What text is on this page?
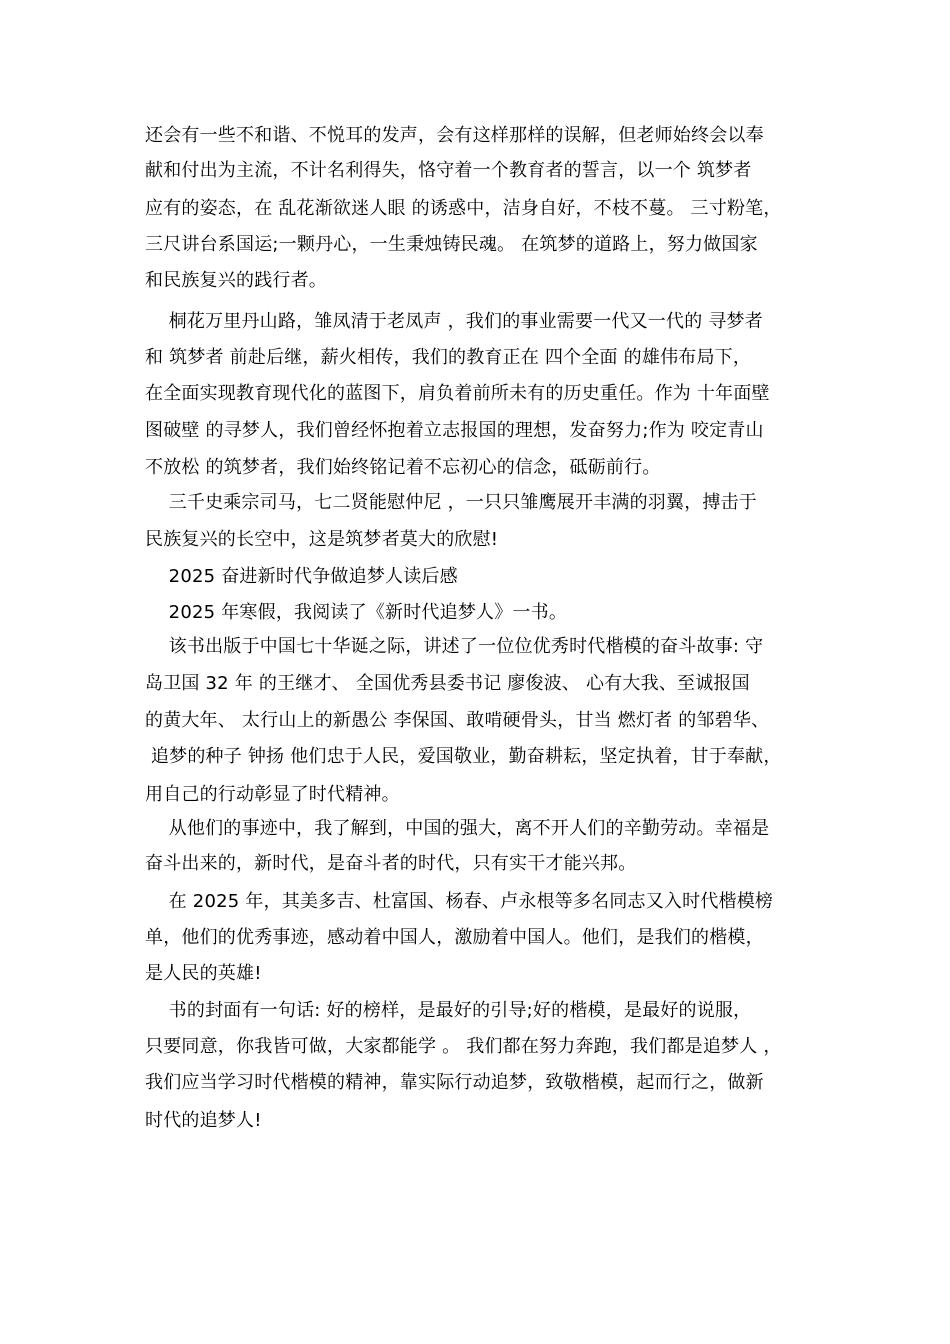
还会有一些不和谐、不悦耳的发声，会有这样那样的误解，但老师始终会以奉
献和付出为主流，不计名利得失，恪守着一个教育者的誓言，以一个 筑梦者
应有的姿态，在 乱花渐欲迷人眼 的诱惑中，洁身自好，不枝不蔓。 三寸粉笔，
三尺讲台系国运;一颗丹心，一生秉烛铸民魂。 在筑梦的道路上，努力做国家
和民族复兴的践行者。
桐花万里丹山路，雏凤清于老凤声 ，我们的事业需要一代又一代的 寻梦者
和 筑梦者 前赴后继，薪火相传，我们的教育正在 四个全面 的雄伟布局下，
在全面实现教育现代化的蓝图下，肩负着前所未有的历史重任。作为 十年面壁
图破壁 的寻梦人，我们曾经怀抱着立志报国的理想，发奋努力;作为 咬定青山
不放松 的筑梦者，我们始终铭记着不忘初心的信念，砥砺前行。
三千史乘宗司马，七二贤能慰仲尼 ，一只只雏鹰展开丰满的羽翼，搏击于
民族复兴的长空中，这是筑梦者莫大的欣慰!
2025 奋进新时代争做追梦人读后感
2025 年寒假，我阅读了《新时代追梦人》一书。
该书出版于中国七十华诞之际，讲述了一位位优秀时代楷模的奋斗故事: 守
岛卫国 32 年 的王继才、 全国优秀县委书记 廖俊波、 心有大我、至诚报国
的黄大年、 太行山上的新愚公 李保国、敢啃硬骨头，甘当 燃灯者 的邹碧华、
追梦的种子 钟扬 他们忠于人民，爱国敬业，勤奋耕耘，坚定执着，甘于奉献，
用自己的行动彰显了时代精神。
从他们的事迹中，我了解到，中国的强大，离不开人们的辛勤劳动。幸福是
奋斗出来的，新时代，是奋斗者的时代，只有实干才能兴邦。
在 2025 年，其美多吉、杜富国、杨春、卢永根等多名同志又入时代楷模榜
单，他们的优秀事迹，感动着中国人，激励着中国人。他们，是我们的楷模，
是人民的英雄!
书的封面有一句话: 好的榜样，是最好的引导;好的楷模，是最好的说服，
只要同意，你我皆可做，大家都能学 。 我们都在努力奔跑，我们都是追梦人 ，
我们应当学习时代楷模的精神，靠实际行动追梦，致敬楷模，起而行之，做新
时代的追梦人!
